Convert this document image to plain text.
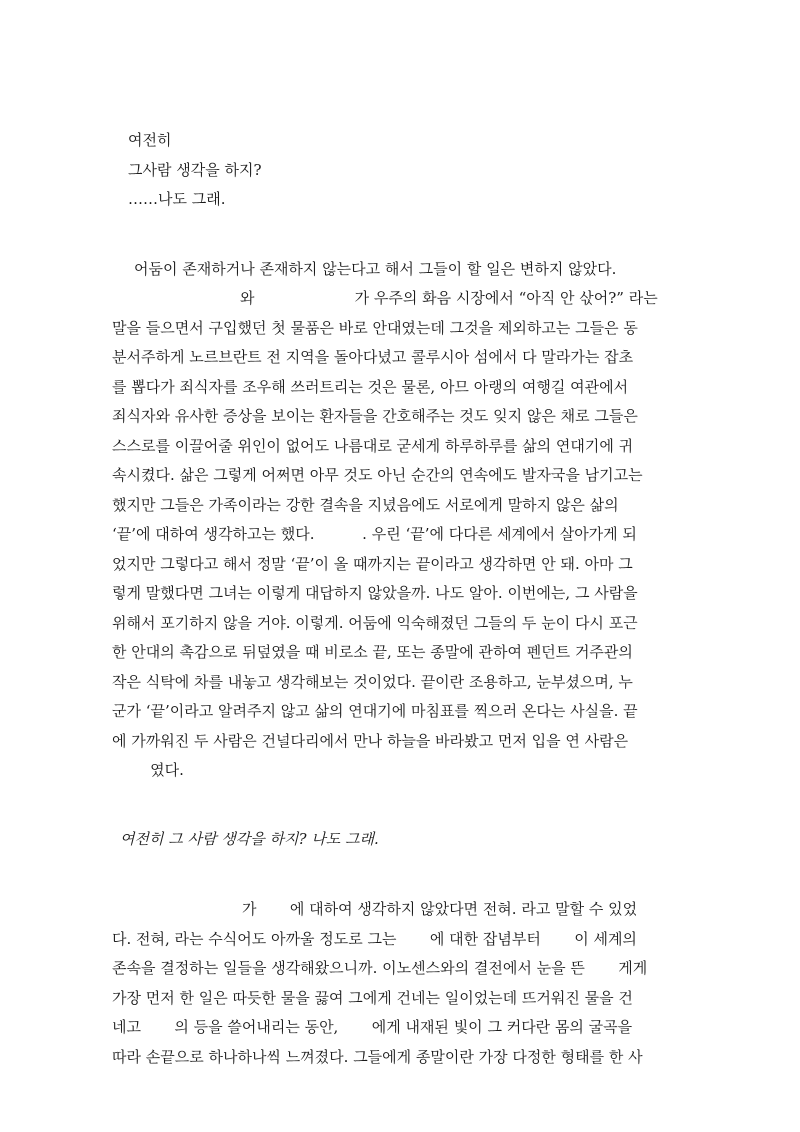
여전히
그사람 생각을 하지?
……나도 그래.
어둠이 존재하거나 존재하지 않는다고 해서 그들이 할 일은 변하지 않았다.
와                     가 우주의 화음 시장에서 “아직 안 삯어?” 라는
말을 들으면서 구입했던 첫 물품은 바로 안대였는데 그것을 제외하고는 그들은 동
분서주하게 노르브란트 전 지역을 돌아다녔고 콜루시아 섬에서 다 말라가는 잡초
를 뽑다가 죄식자를 조우해 쓰러트리는 것은 물론, 아므 아랭의 여행길 여관에서
죄식자와 유사한 증상을 보이는 환자들을 간호해주는 것도 잊지 않은 채로 그들은
스스로를 이끌어줄 위인이 없어도 나름대로 굳세게 하루하루를 삶의 연대기에 귀
속시켰다. 삶은 그렇게 어쩌면 아무 것도 아닌 순간의 연속에도 발자국을 남기고는
했지만 그들은 가족이라는 강한 결속을 지녔음에도 서로에게 말하지 않은 삶의
‘끝’에 대하여 생각하고는 했다.          . 우린 ‘끝’에 다다른 세계에서 살아가게 되
었지만 그렇다고 해서 정말 ‘끝’이 올 때까지는 끝이라고 생각하면 안 돼. 아마 그
렇게 말했다면 그녀는 이렇게 대답하지 않았을까. 나도 알아. 이번에는, 그 사람을
위해서 포기하지 않을 거야. 이렇게. 어둠에 익숙해졌던 그들의 두 눈이 다시 포근
한 안대의 촉감으로 뒤덮였을 때 비로소 끝, 또는 종말에 관하여 펜던트 거주관의
작은 식탁에 차를 내놓고 생각해보는 것이었다. 끝이란 조용하고, 눈부셨으며, 누
군가 ‘끝’이라고 알려주지 않고 삶의 연대기에 마침표를 찍으러 온다는 사실을. 끝
에 가까워진 두 사람은 건널다리에서 만나 하늘을 바라봤고 먼저 입을 연 사람은
였다.
여전히 그 사람 생각을 하지? 나도 그래.
가       에 대하여 생각하지 않았다면 전혀. 라고 말할 수 있었
다. 전혀, 라는 수식어도 아까울 정도로 그는       에 대한 잡념부터       이 세계의
존속을 결정하는 일들을 생각해왔으니까. 이노센스와의 결전에서 눈을 뜬       게게
가장 먼저 한 일은 따듯한 물을 끓여 그에게 건네는 일이었는데 뜨거워진 물을 건
네고       의 등을 쓸어내리는 동안,       에게 내재된 빛이 그 커다란 몸의 굴곡을
따라 손끝으로 하나하나씩 느껴졌다. 그들에게 종말이란 가장 다정한 형태를 한 사
